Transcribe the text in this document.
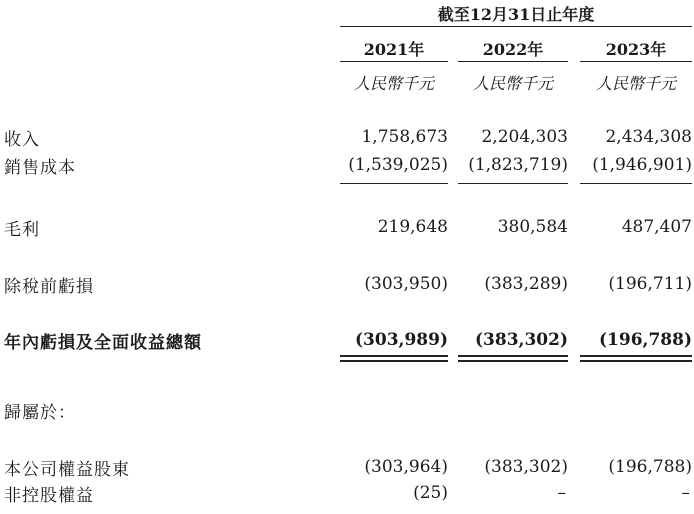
截至12月31日止年度
2021年	2022年	2023年
人民幣千元	人民幣千元	人民幣千元
收入	1,758,673	2,204,303	2,434,308
銷售成本	(1,539,025)	(1,823,719)	(1,946,901)
毛利	219,648	380,584	487,407
除稅前虧損	(303,950)	(383,289)	(196,711)
年內虧損及全面收益總額	(303,989)	(383,302)	(196,788)
歸屬於：
本公司權益股東	(303,964)	(383,302)	(196,788)
非控股權益	(25)	–	–
